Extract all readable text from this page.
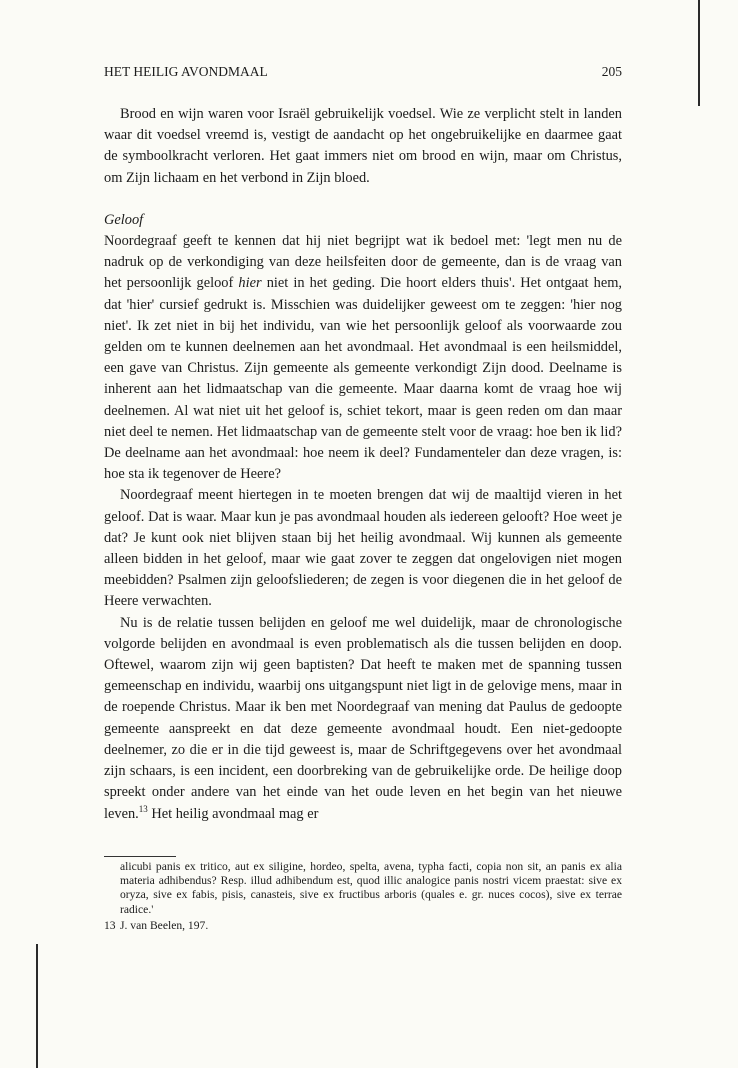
HET HEILIG AVONDMAAL	205

Brood en wijn waren voor Israël gebruikelijk voedsel. Wie ze verplicht stelt in landen waar dit voedsel vreemd is, vestigt de aandacht op het ongebruikelijke en daarmee gaat de symboolkracht verloren. Het gaat immers niet om brood en wijn, maar om Christus, om Zijn lichaam en het verbond in Zijn bloed.

Geloof

Noordegraaf geeft te kennen dat hij niet begrijpt wat ik bedoel met: 'legt men nu de nadruk op de verkondiging van deze heilsfeiten door de gemeente, dan is de vraag van het persoonlijk geloof hier niet in het geding. Die hoort elders thuis'. Het ontgaat hem, dat 'hier' cursief gedrukt is. Misschien was duidelijker geweest om te zeggen: 'hier nog niet'. Ik zet niet in bij het individu, van wie het persoonlijk geloof als voorwaarde zou gelden om te kunnen deelnemen aan het avondmaal. Het avondmaal is een heilsmiddel, een gave van Christus. Zijn gemeente als gemeente verkondigt Zijn dood. Deelname is inherent aan het lidmaatschap van die gemeente. Maar daarna komt de vraag hoe wij deelnemen. Al wat niet uit het geloof is, schiet tekort, maar is geen reden om dan maar niet deel te nemen. Het lidmaatschap van de gemeente stelt voor de vraag: hoe ben ik lid? De deelname aan het avondmaal: hoe neem ik deel? Fundamenteler dan deze vragen, is: hoe sta ik tegenover de Heere?

Noordegraaf meent hiertegen in te moeten brengen dat wij de maaltijd vieren in het geloof. Dat is waar. Maar kun je pas avondmaal houden als iedereen gelooft? Hoe weet je dat? Je kunt ook niet blijven staan bij het heilig avondmaal. Wij kunnen als gemeente alleen bidden in het geloof, maar wie gaat zover te zeggen dat ongelovigen niet mogen meebidden? Psalmen zijn geloofsliederen; de zegen is voor diegenen die in het geloof de Heere verwachten.

Nu is de relatie tussen belijden en geloof me wel duidelijk, maar de chronologische volgorde belijden en avondmaal is even problematisch als die tussen belijden en doop. Oftewel, waarom zijn wij geen baptisten? Dat heeft te maken met de spanning tussen gemeenschap en individu, waarbij ons uitgangspunt niet ligt in de gelovige mens, maar in de roepende Christus. Maar ik ben met Noordegraaf van mening dat Paulus de gedoopte gemeente aanspreekt en dat deze gemeente avondmaal houdt. Een niet-gedoopte deelnemer, zo die er in die tijd geweest is, maar de Schriftgegevens over het avondmaal zijn schaars, is een incident, een doorbreking van de gebruikelijke orde. De heilige doop spreekt onder andere van het einde van het oude leven en het begin van het nieuwe leven.$^{13}$ Het heilig avondmaal mag er

alicubi panis ex tritico, aut ex siligine, hordeo, spelta, avena, typha facti, copia non sit, an panis ex alia materia adhibendus? Resp. illud adhibendum est, quod illic analogice panis nostri vicem praestat: sive ex oryza, sive ex fabis, pisis, canasteis, sive ex fructibus arboris (quales e. gr. nuces cocos), sive ex terrae radice.'
13 J. van Beelen, 197.
